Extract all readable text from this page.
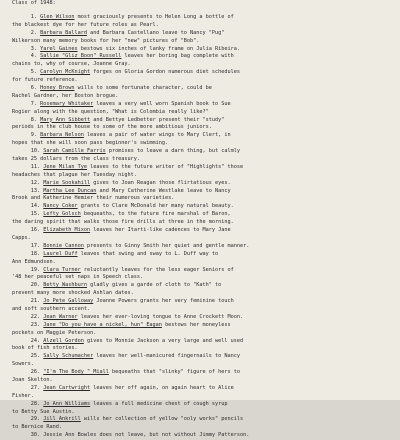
Class of 1948:
1. Glen Wilson most graciously presents to Helen Long a bottle of
the blackest dye for her future roles as Pearl.
2. Barbara Ballard and Barbara Castellano leave to Nancy "Pug"
Wilkerson many memory books for her "new" pictures of "Bob".
3. Yarel Gaines bestows six inches of lanky frame on Julia Ribeira.
4. Sallie "Gliz Boon" Russell leaves her boring bag complete with
chains to, why of course, Joanne Gray.
5. Carolyn McKnight forges on Gloria Gordon numerous diet schedules
for future reference.
6. Honey Brown wills to some fortunate character, could be
Rachel Gardner, her Boston brogue.
7. Rosemary Whitaker leaves a very well worn Spanish book to Sue
Rogier along with the question, "What is Colombia really like?"
8. Mary Ann Sibbett and Bettye Ledbetter present their "study"
periods in the club house to some of the more ambitious juniors.
9. Barbara Nelson leaves a pair of water wings to Mary Clert, in
hopes that she will soon pass beginner's swimming.
10. Sarah Camille Farris promises to leave a darn thing, but calmly
takes 25 dollars from the class treasury.
11. Jene Milan Tye leaves to the future writer of "Highlights" those
headaches that plague her Tuesday night.
12. Marie Sookahill gives to Joan Reagan those flirtatious eyes.
13. Martha Lee Duncan and Mary Catherine Westlake leave to Nancy
Brook and Katherine Hemier their numerous varieties.
14. Nancy Coker grants to Clare McDonald her many natural beauty.
15. Lefty Golsch bequeaths, to the future fire marshal of Baron,
the daring spirit that walks those fire drills at three in the morning.
16. Elizabeth Mixon leaves her Itarti-like cadences to Mary Jane
Capps.
17. Bonnie Cannon presents to Ginny Smith her quiet and gentle manner.
18. Laurel Duff leaves that swing and sway to L. Duff way to
Ann Edmundsen.
19. Clara Turner reluctantly leaves for the less eager Seniors of
'48 her peaceful set naps in Speech class.
20. Betty Washburn gladly gives a garde of cloth to "Kath" to
prevent many more shocked Ashlan dates.
21. Jo Pete Galloway Joanne Powers grants her very feminine touch
and soft southern accent.
22. Jean Warner leaves her ever-loving tongue to Anne Crockett Moon.
23. Jane "Do you have a nickel, hun" Eagan bestows her moneyless
pockets on Maggie Peterson.
24. Alzell Gordon gives to Monnie Jackson a very large and well used
book of fish stories.
25. Sally Schumacher leaves her well-manicured fingernails to Nancy
Sowers.
26. "I'm The Body " Miall bequeaths that "slinky" figure of hers to
Joan Skelton.
27. Jean Cartwright leaves her off again, on again heart to Alice
Fisher.
28. Jo Ann Williams leaves a full medicine chest of cough syrup
to Betty Sue Austin.
29. Jill Ankrill wills her collection of yellow "ooly works" pencils
to Bernice Rand.
30. Jessie Ann Bowles does not leave, but not without Jimmy Patterson.
